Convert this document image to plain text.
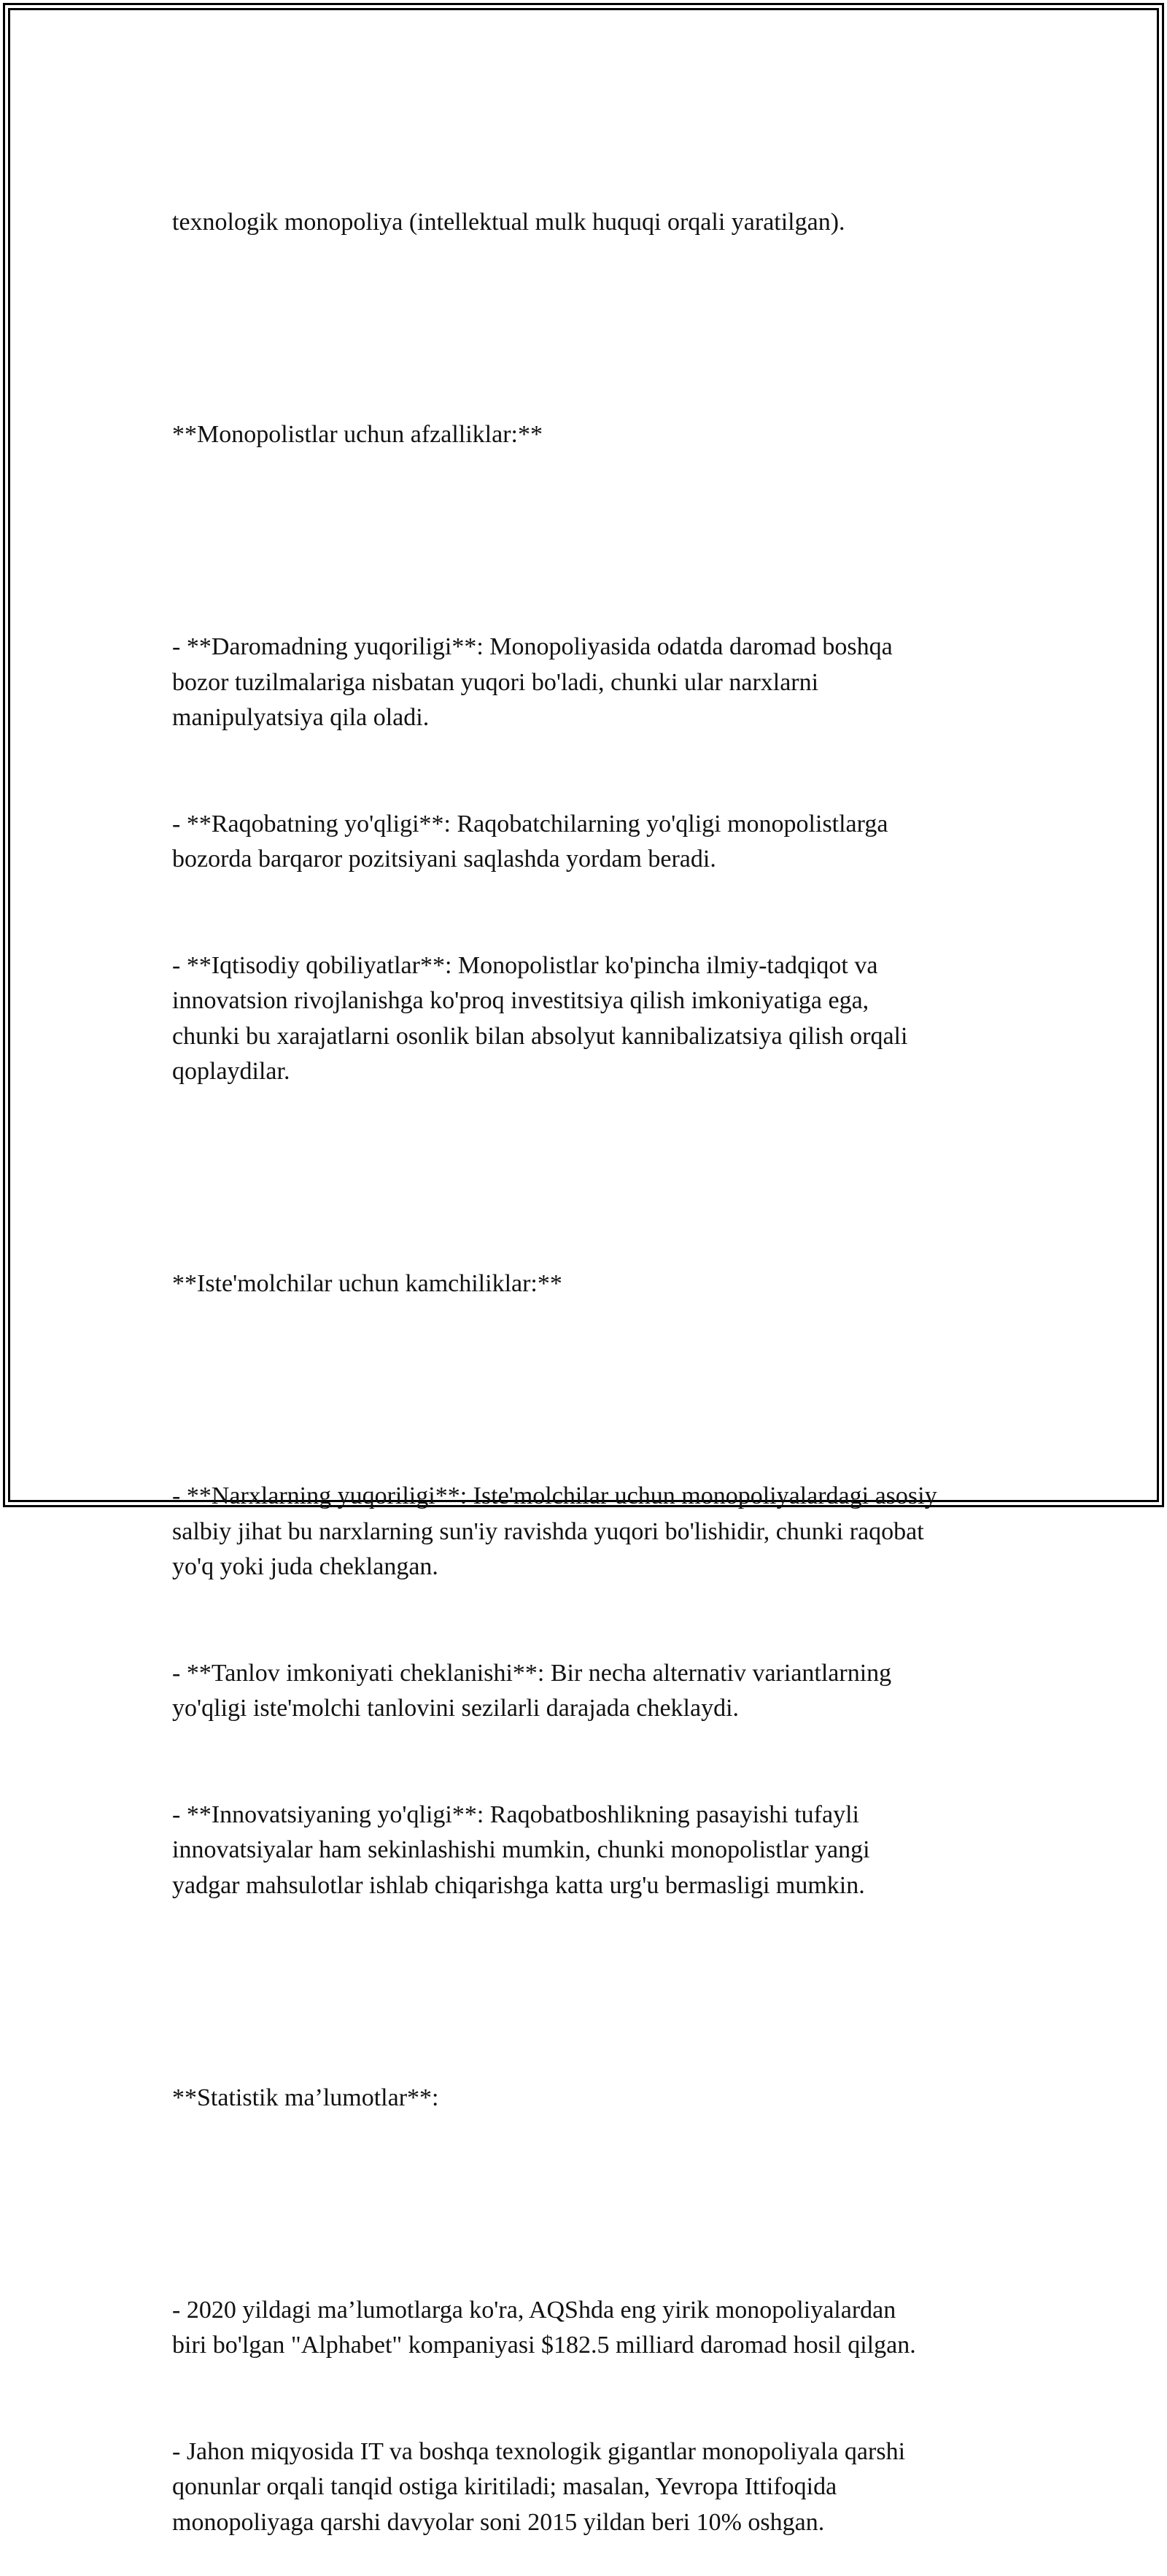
texnologik monopoliya (intellektual mulk huquqi orqali yaratilgan).

**Monopolistlar uchun afzalliklar:**

- **Daromadning yuqoriligi**: Monopoliyasida odatda daromad boshqa
bozor tuzilmalariga nisbatan yuqori bo'ladi, chunki ular narxlarni
manipulyatsiya qila oladi.

- **Raqobatning yo'qligi**: Raqobatchilarning yo'qligi monopolistlarga
bozorda barqaror pozitsiyani saqlashda yordam beradi.

- **Iqtisodiy qobiliyatlar**: Monopolistlar ko'pincha ilmiy-tadqiqot va
innovatsion rivojlanishga ko'proq investitsiya qilish imkoniyatiga ega,
chunki bu xarajatlarni osonlik bilan absolyut kannibalizatsiya qilish orqali
qoplaydilar.

**Iste'molchilar uchun kamchiliklar:**

- **Narxlarning yuqoriligi**: Iste'molchilar uchun monopoliyalardagi asosiy
salbiy jihat bu narxlarning sun'iy ravishda yuqori bo'lishidir, chunki raqobat
yo'q yoki juda cheklangan.

- **Tanlov imkoniyati cheklanishi**: Bir necha alternativ variantlarning
yo'qligi iste'molchi tanlovini sezilarli darajada cheklaydi.

- **Innovatsiyaning yo'qligi**: Raqobatboshlikning pasayishi tufayli
innovatsiyalar ham sekinlashishi mumkin, chunki monopolistlar yangi
yadgar mahsulotlar ishlab chiqarishga katta urg'u bermasligi mumkin.

**Statistik ma’lumotlar**:

- 2020 yildagi ma’lumotlarga ko'ra, AQShda eng yirik monopoliyalardan
biri bo'lgan "Alphabet" kompaniyasi $182.5 milliard daromad hosil qilgan.

- Jahon miqyosida IT va boshqa texnologik gigantlar monopoliyala qarshi
qonunlar orqali tanqid ostiga kiritiladi; masalan, Yevropa Ittifoqida
monopoliyaga qarshi davyolar soni 2015 yildan beri 10% oshgan.
